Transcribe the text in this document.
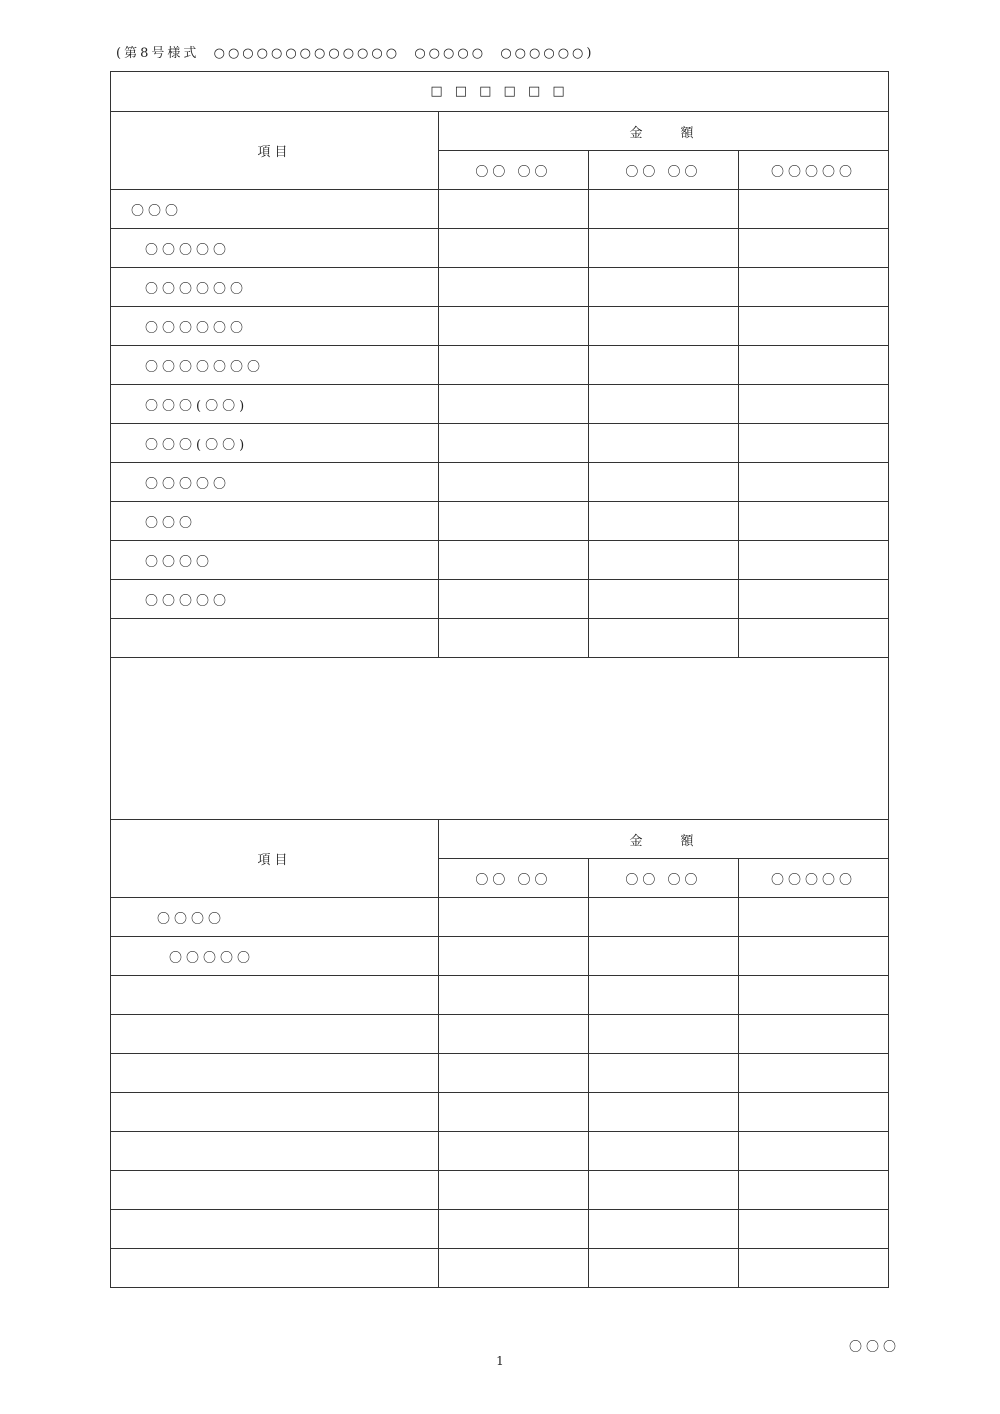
(第8号様式  ○○○○○○○○○○○○○  ○○○○○  ○○○○○○)
□ □ □ □ □ □			
項目	金　　額		
	〇〇 〇〇	〇〇 〇〇	〇〇〇〇〇
〇〇〇			
〇〇〇〇〇			
〇〇〇〇〇〇			
〇〇〇〇〇〇			
〇〇〇〇〇〇〇			
〇〇〇(〇〇)			
〇〇〇(〇〇)			
〇〇〇〇〇			
〇〇〇			
〇〇〇〇			
〇〇〇〇〇			

項目	金　　額		
	〇〇 〇〇	〇〇 〇〇	〇〇〇〇〇
〇〇〇〇			
〇〇〇〇〇			

〇〇〇
1
